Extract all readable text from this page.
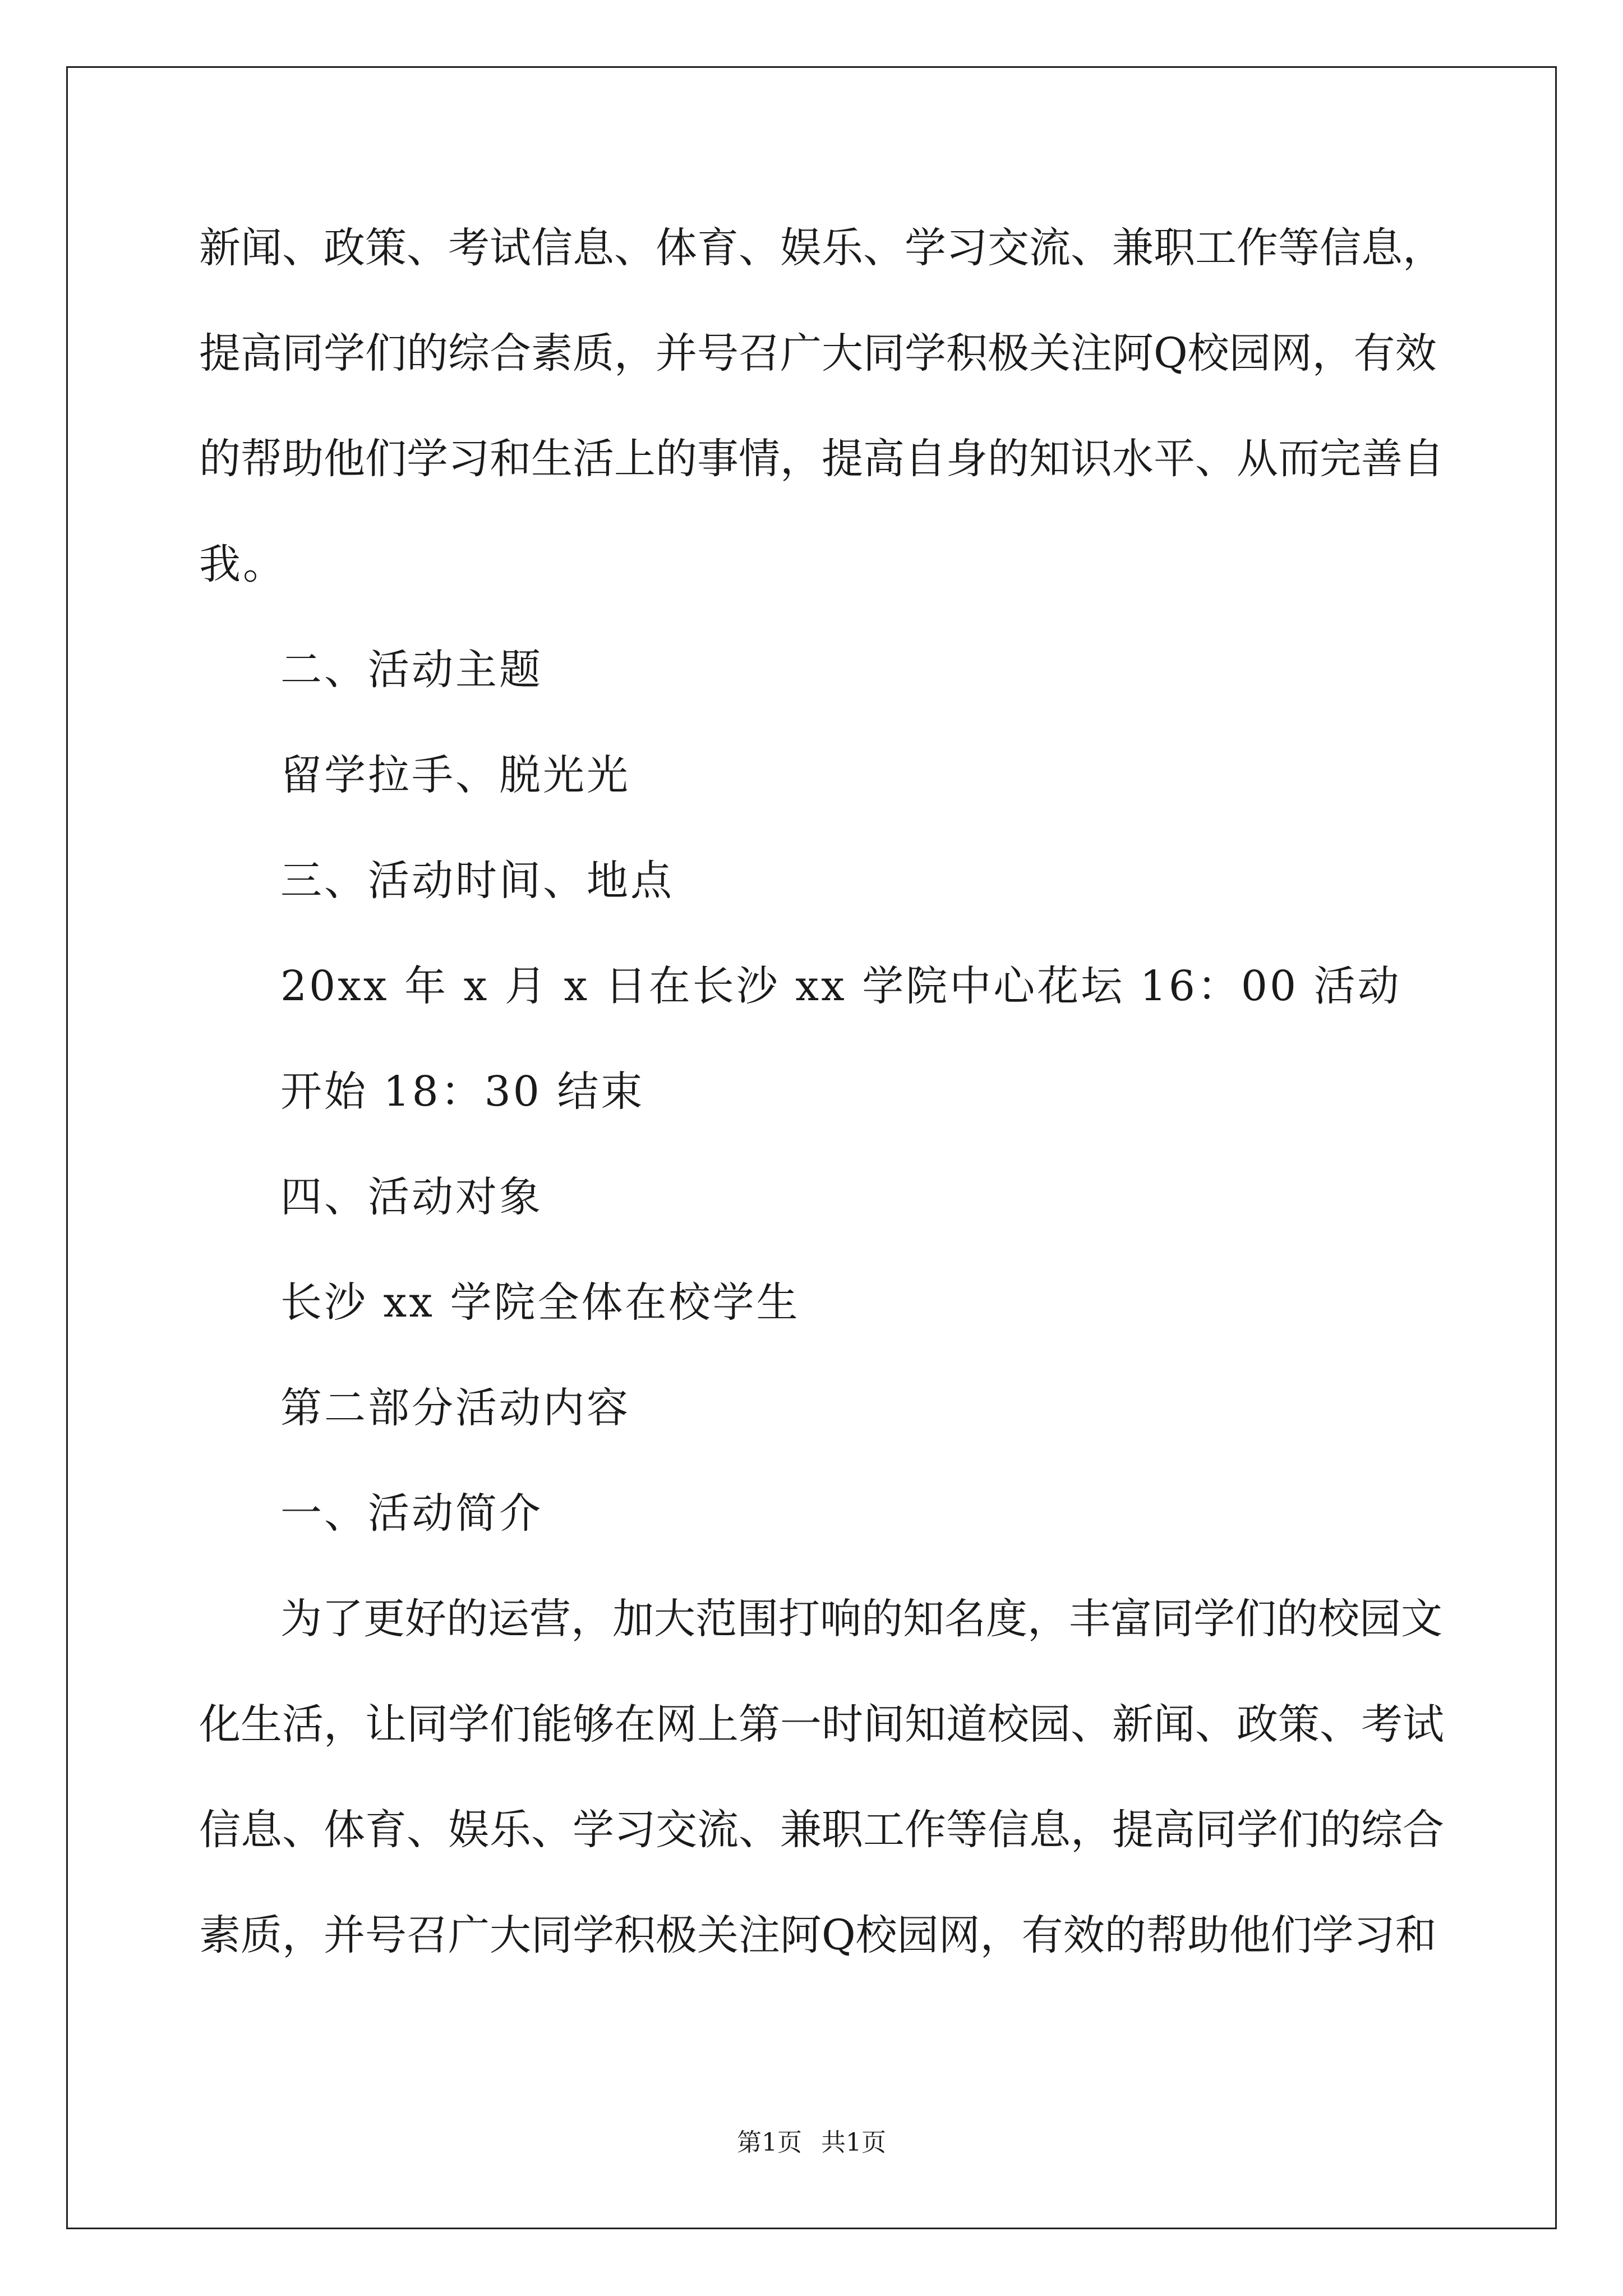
新闻、政策、考试信息、体育、娱乐、学习交流、兼职工作等信息，
提高同学们的综合素质，并号召广大同学积极关注阿Q校园网，有效
的帮助他们学习和生活上的事情，提高自身的知识水平、从而完善自
我。
二、活动主题
留学拉手、脱光光
三、活动时间、地点
20xx 年 x 月 x 日在长沙 xx 学院中心花坛 16：00 活动
开始 18：30 结束
四、活动对象
长沙 xx 学院全体在校学生
第二部分活动内容
一、活动简介
为了更好的运营，加大范围打响的知名度，丰富同学们的校园文
化生活，让同学们能够在网上第一时间知道校园、新闻、政策、考试
信息、体育、娱乐、学习交流、兼职工作等信息，提高同学们的综合
素质，并号召广大同学积极关注阿Q校园网，有效的帮助他们学习和
第1页 共1页
